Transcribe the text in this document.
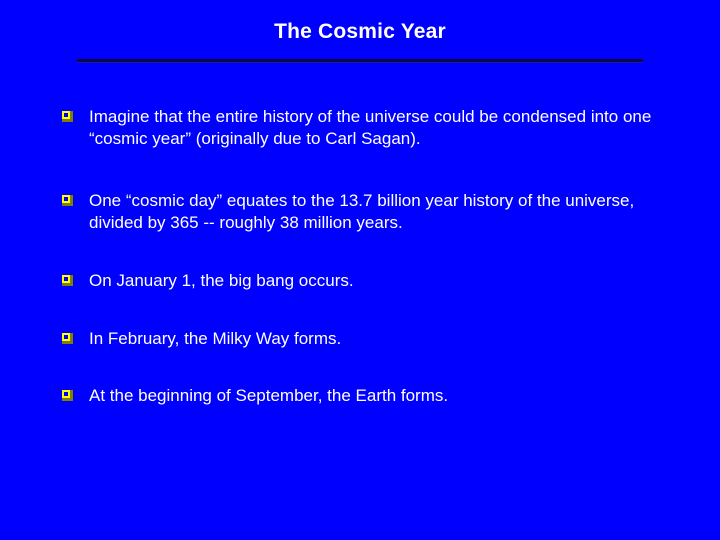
The Cosmic Year
Imagine that the entire history of the universe could be condensed into one “cosmic year” (originally due to Carl Sagan).
One “cosmic day” equates to the 13.7 billion year history of the universe, divided by 365 -- roughly 38 million years.
On January 1, the big bang occurs.
In February, the Milky Way forms.
At the beginning of September, the Earth forms.
